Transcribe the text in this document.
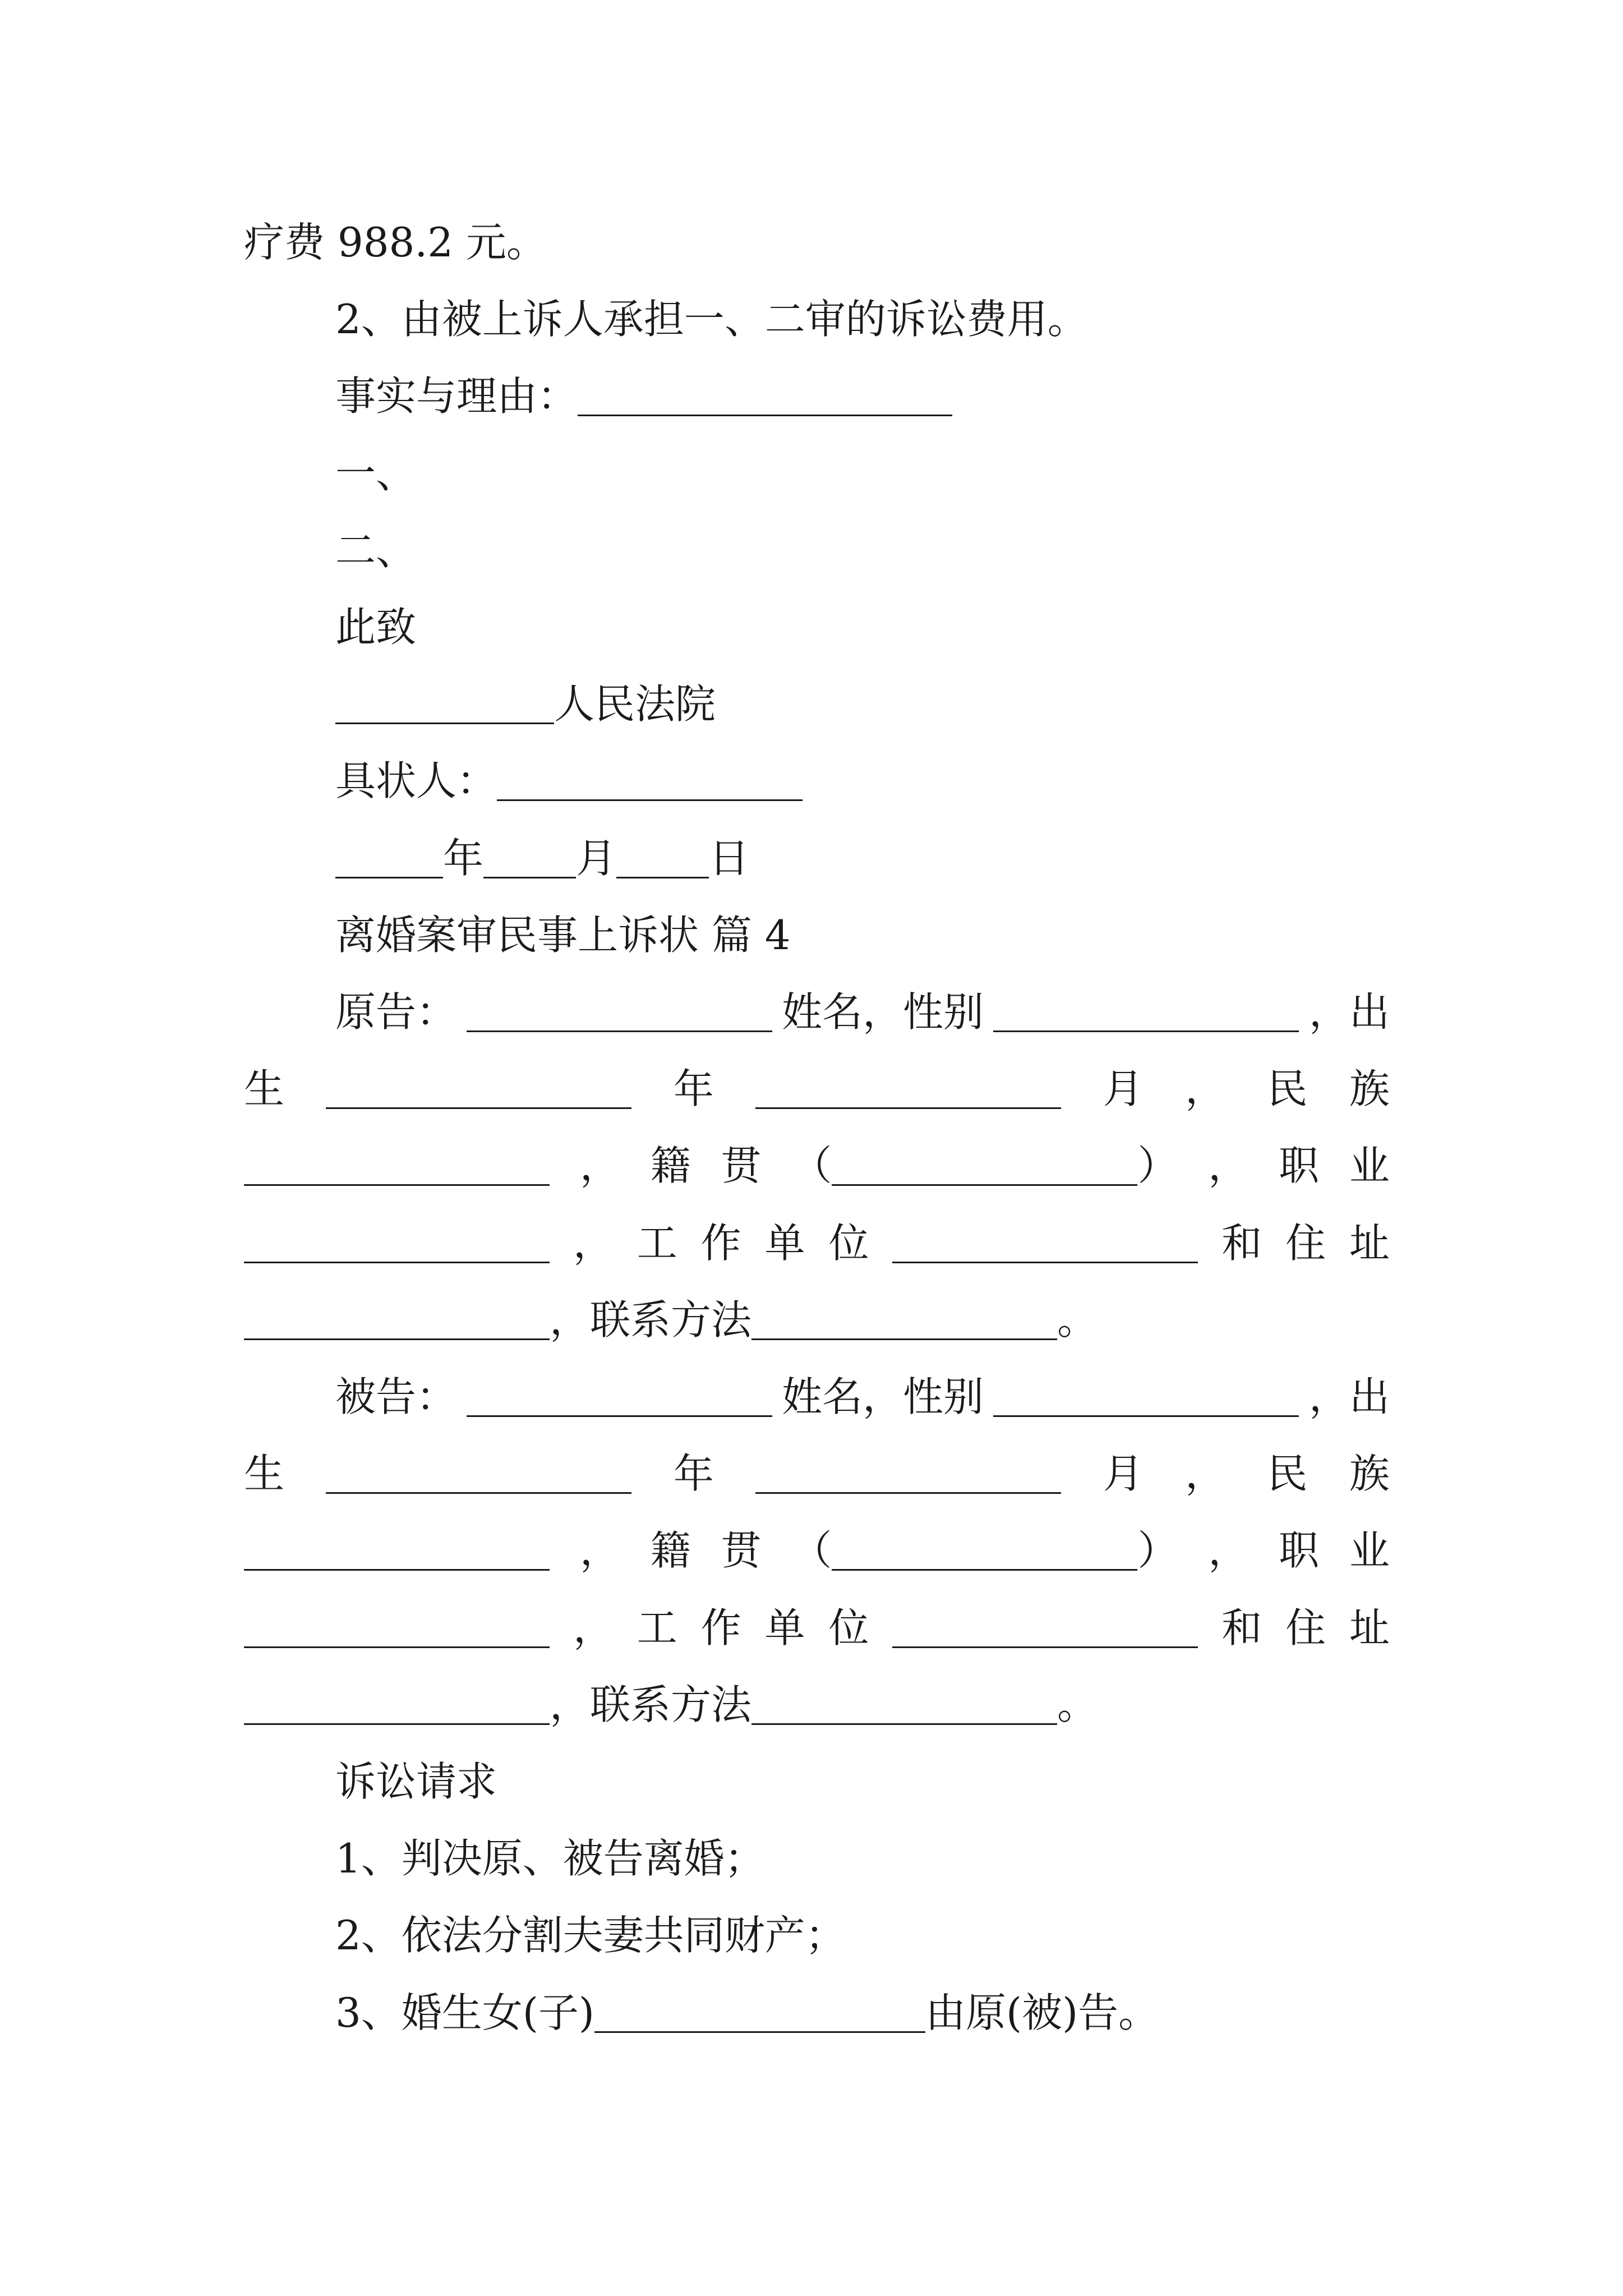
疗费 988.2 元。
2、由被上诉人承担一、二审的诉讼费用。
事实与理由：
一、
二、
此致
人民法院
具状人：
年 月 日
离婚案审民事上诉状 篇 4
原告：	姓名，性别	，出
生	年	月 ， 民 族
， 籍 贯 （	） ， 职 业
， 工 作 单 位	和 住 址
，联系方法	。
被告：	姓名，性别	，出
生	年	月 ， 民 族
， 籍 贯 （	） ， 职 业
， 工 作 单 位	和 住 址
，联系方法	。
诉讼请求
1、判决原、被告离婚；
2、依法分割夫妻共同财产；
3、婚生女(子)	由原(被)告。
